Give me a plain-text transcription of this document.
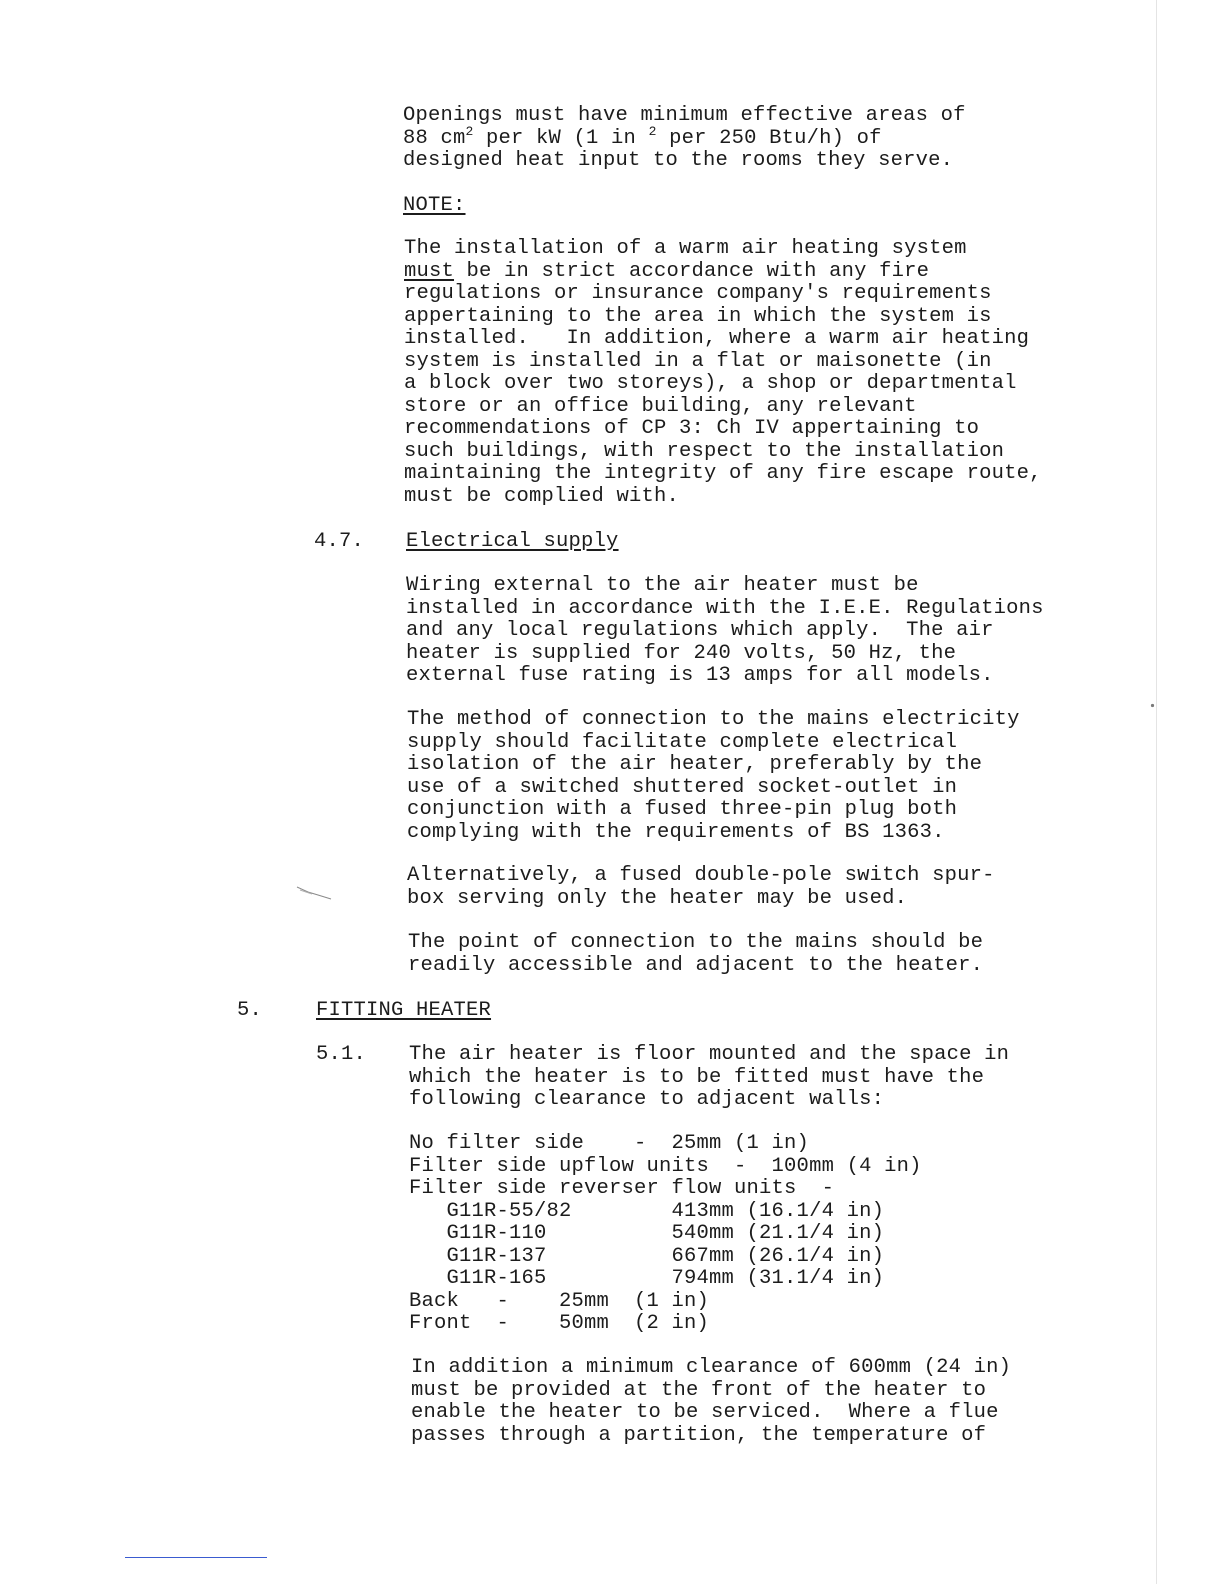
Openings must have minimum effective areas of
88 $cm^2$ per kW (1 in $^2$ per 250 Btu/h) of
designed heat input to the rooms they serve.
NOTE:
The installation of a warm air heating system
must be in strict accordance with any fire
regulations or insurance company's requirements
appertaining to the area in which the system is
installed.   In addition, where a warm air heating
system is installed in a flat or maisonette (in
a block over two storeys), a shop or departmental
store or an office building, any relevant
recommendations of CP 3: Ch IV appertaining to
such buildings, with respect to the installation
maintaining the integrity of any fire escape route,
must be complied with.
4.7. Electrical supply
Wiring external to the air heater must be
installed in accordance with the I.E.E. Regulations
and any local regulations which apply.  The air
heater is supplied for 240 volts, 50 Hz, the
external fuse rating is 13 amps for all models.
The method of connection to the mains electricity
supply should facilitate complete electrical
isolation of the air heater, preferably by the
use of a switched shuttered socket-outlet in
conjunction with a fused three-pin plug both
complying with the requirements of BS 1363.
Alternatively, a fused double-pole switch spur-
box serving only the heater may be used.
The point of connection to the mains should be
readily accessible and adjacent to the heater.
5.	FITTING HEATER
5.1. The air heater is floor mounted and the space in
which the heater is to be fitted must have the
following clearance to adjacent walls:
No filter side    -  25mm (1 in)
Filter side upflow units  -  100mm (4 in)
Filter side reverser flow units  -
G11R-55/82        413mm (16.1/4 in)
G11R-110          540mm (21.1/4 in)
G11R-137          667mm (26.1/4 in)
G11R-165          794mm (31.1/4 in)
Back   -    25mm  (1 in)
Front  -    50mm  (2 in)
In addition a minimum clearance of 600mm (24 in)
must be provided at the front of the heater to
enable the heater to be serviced.  Where a flue
passes through a partition, the temperature of
